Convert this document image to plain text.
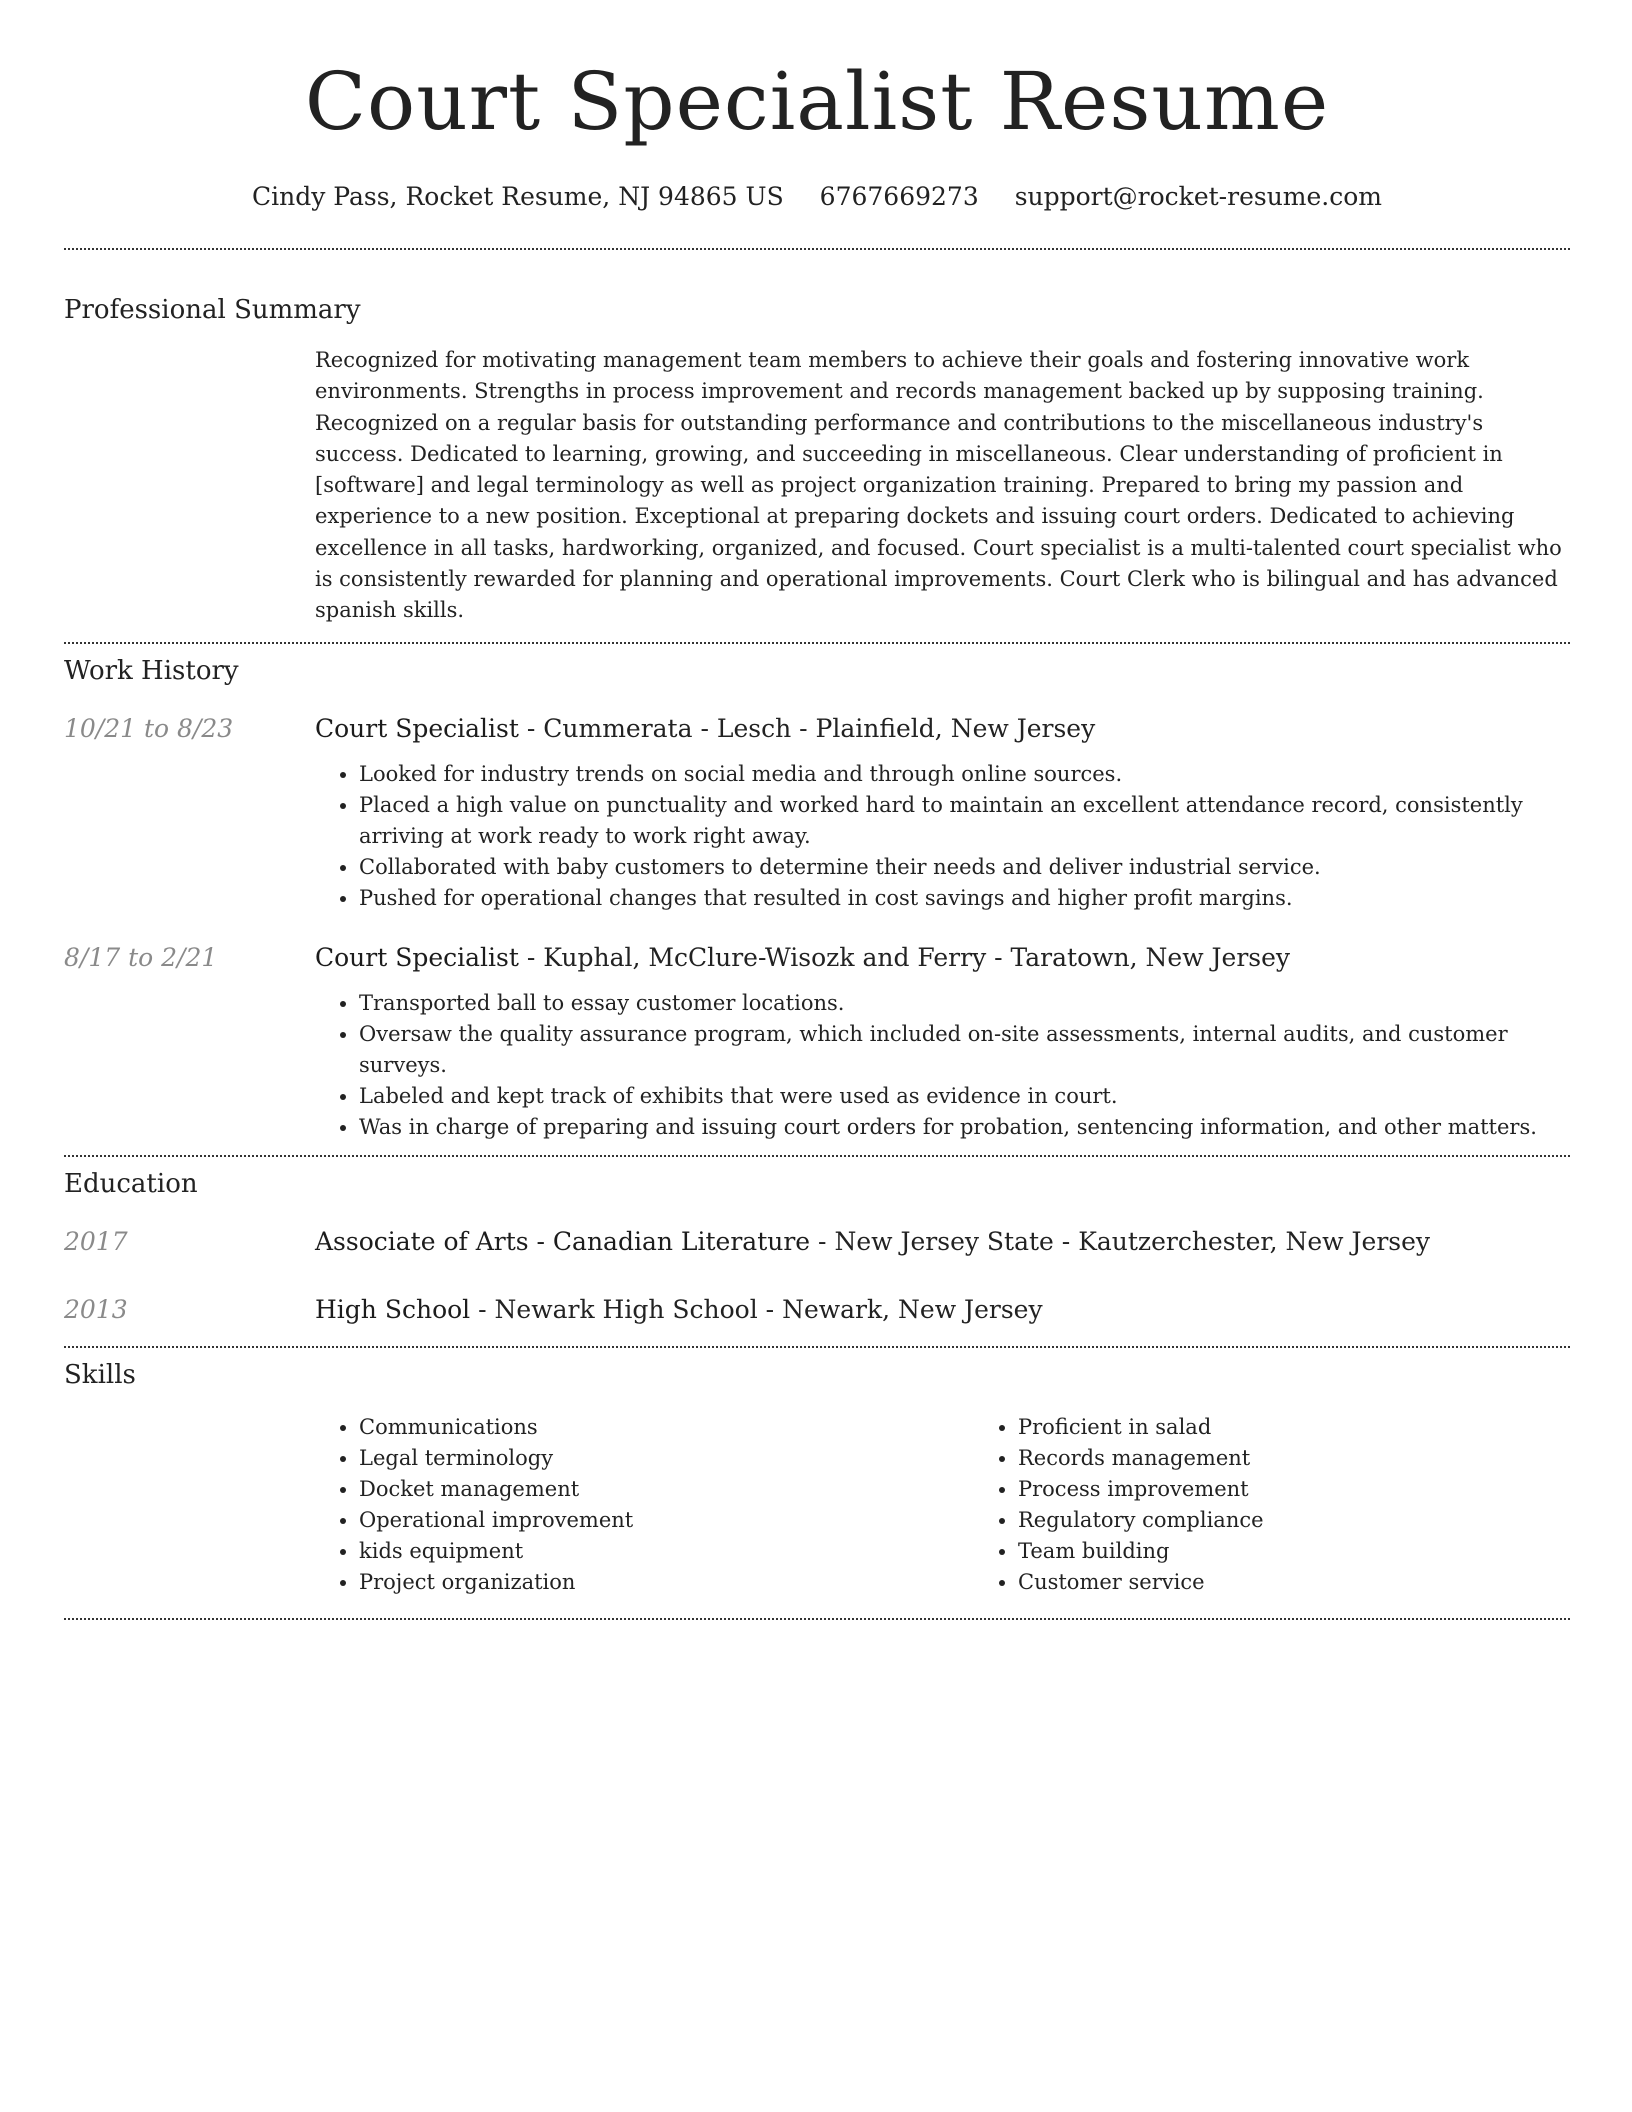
Court Specialist Resume
Cindy Pass, Rocket Resume, NJ 94865 US 6767669273 support@rocket-resume.com
Professional Summary
Recognized for motivating management team members to achieve their goals and fostering innovative work environments. Strengths in process improvement and records management backed up by supposing training. Recognized on a regular basis for outstanding performance and contributions to the miscellaneous industry's success. Dedicated to learning, growing, and succeeding in miscellaneous. Clear understanding of proficient in [software] and legal terminology as well as project organization training. Prepared to bring my passion and experience to a new position. Exceptional at preparing dockets and issuing court orders. Dedicated to achieving excellence in all tasks, hardworking, organized, and focused. Court specialist is a multi-talented court specialist who is consistently rewarded for planning and operational improvements. Court Clerk who is bilingual and has advanced spanish skills.
Work History
10/21 to 8/23	Court Specialist - Cummerata - Lesch - Plainfield, New Jersey
• Looked for industry trends on social media and through online sources.
• Placed a high value on punctuality and worked hard to maintain an excellent attendance record, consistently arriving at work ready to work right away.
• Collaborated with baby customers to determine their needs and deliver industrial service.
• Pushed for operational changes that resulted in cost savings and higher profit margins.
8/17 to 2/21	Court Specialist - Kuphal, McClure-Wisozk and Ferry - Taratown, New Jersey
• Transported ball to essay customer locations.
• Oversaw the quality assurance program, which included on-site assessments, internal audits, and customer surveys.
• Labeled and kept track of exhibits that were used as evidence in court.
• Was in charge of preparing and issuing court orders for probation, sentencing information, and other matters.
Education
2017	Associate of Arts - Canadian Literature - New Jersey State - Kautzerchester, New Jersey
2013	High School - Newark High School - Newark, New Jersey
Skills
• Communications
• Legal terminology
• Docket management
• Operational improvement
• kids equipment
• Project organization
• Proficient in salad
• Records management
• Process improvement
• Regulatory compliance
• Team building
• Customer service
